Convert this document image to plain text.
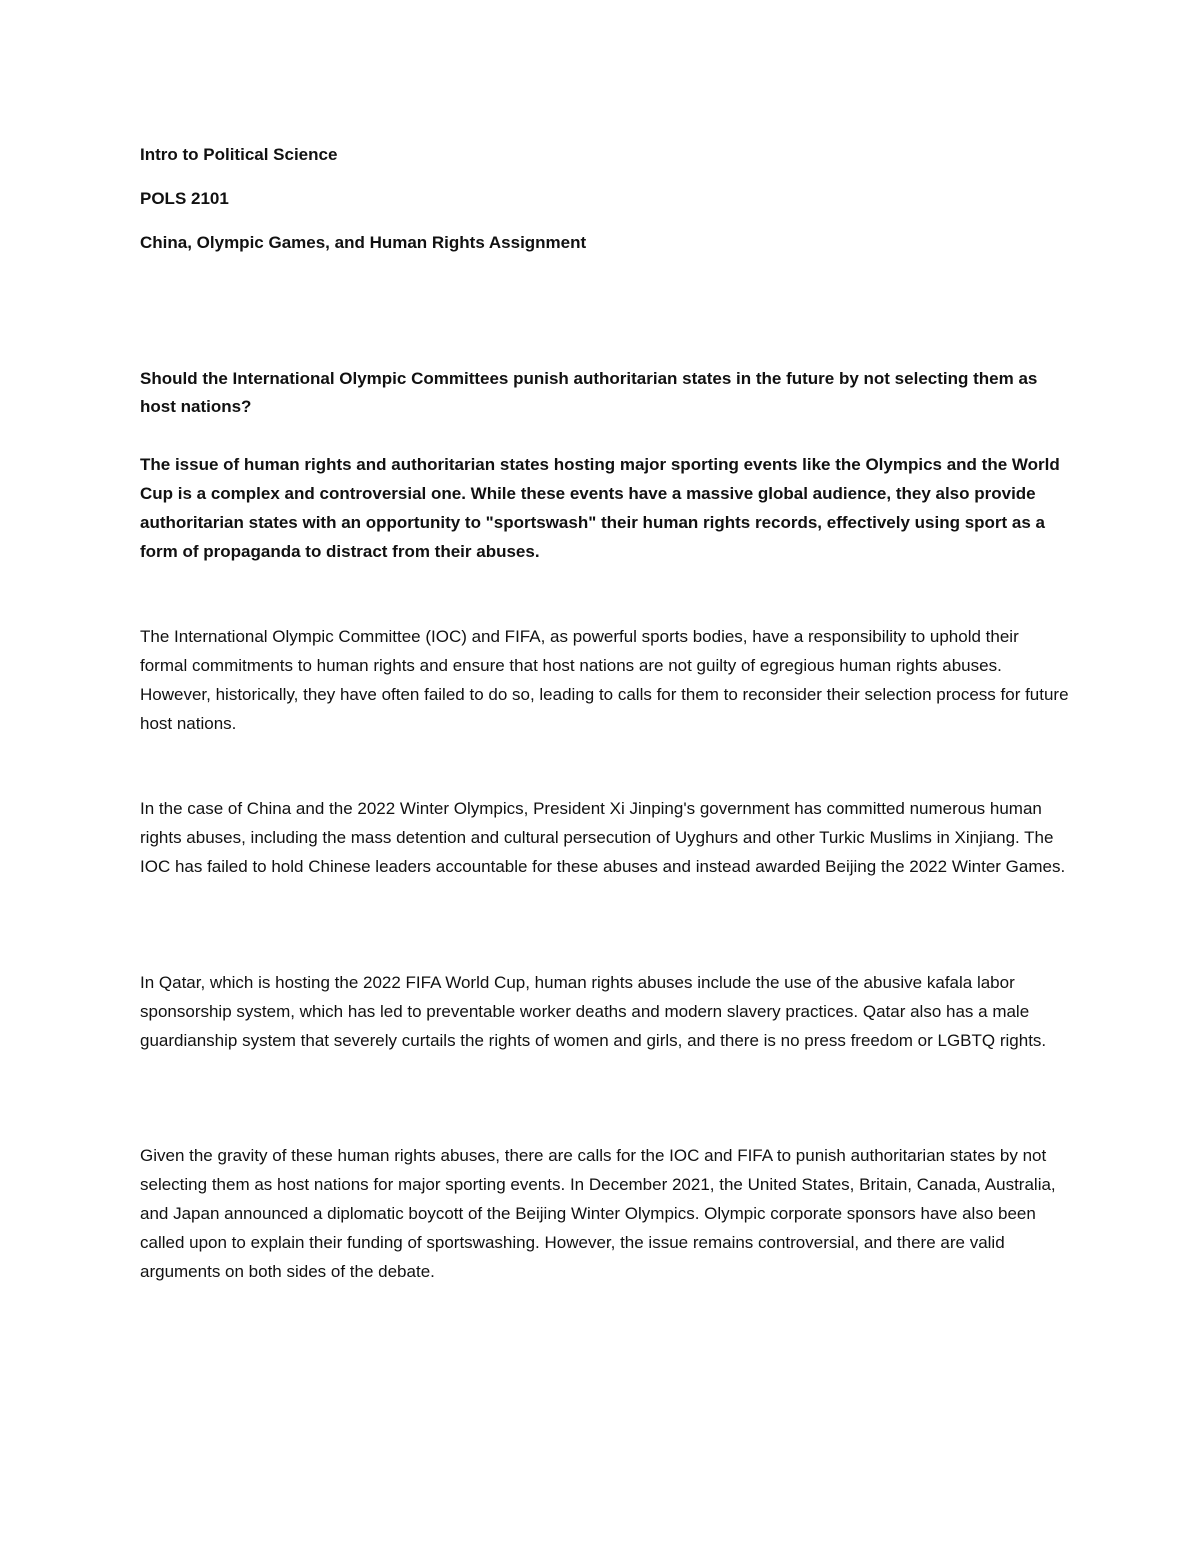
Intro to Political Science

POLS 2101

China, Olympic Games, and Human Rights Assignment

Should the International Olympic Committees punish authoritarian states in the future by not selecting them as host nations?

The issue of human rights and authoritarian states hosting major sporting events like the Olympics and the World Cup is a complex and controversial one. While these events have a massive global audience, they also provide authoritarian states with an opportunity to "sportswash" their human rights records, effectively using sport as a form of propaganda to distract from their abuses.

The International Olympic Committee (IOC) and FIFA, as powerful sports bodies, have a responsibility to uphold their formal commitments to human rights and ensure that host nations are not guilty of egregious human rights abuses. However, historically, they have often failed to do so, leading to calls for them to reconsider their selection process for future host nations.

In the case of China and the 2022 Winter Olympics, President Xi Jinping's government has committed numerous human rights abuses, including the mass detention and cultural persecution of Uyghurs and other Turkic Muslims in Xinjiang. The IOC has failed to hold Chinese leaders accountable for these abuses and instead awarded Beijing the 2022 Winter Games.

In Qatar, which is hosting the 2022 FIFA World Cup, human rights abuses include the use of the abusive kafala labor sponsorship system, which has led to preventable worker deaths and modern slavery practices. Qatar also has a male guardianship system that severely curtails the rights of women and girls, and there is no press freedom or LGBTQ rights.

Given the gravity of these human rights abuses, there are calls for the IOC and FIFA to punish authoritarian states by not selecting them as host nations for major sporting events. In December 2021, the United States, Britain, Canada, Australia, and Japan announced a diplomatic boycott of the Beijing Winter Olympics. Olympic corporate sponsors have also been called upon to explain their funding of sportswashing. However, the issue remains controversial, and there are valid arguments on both sides of the debate.
